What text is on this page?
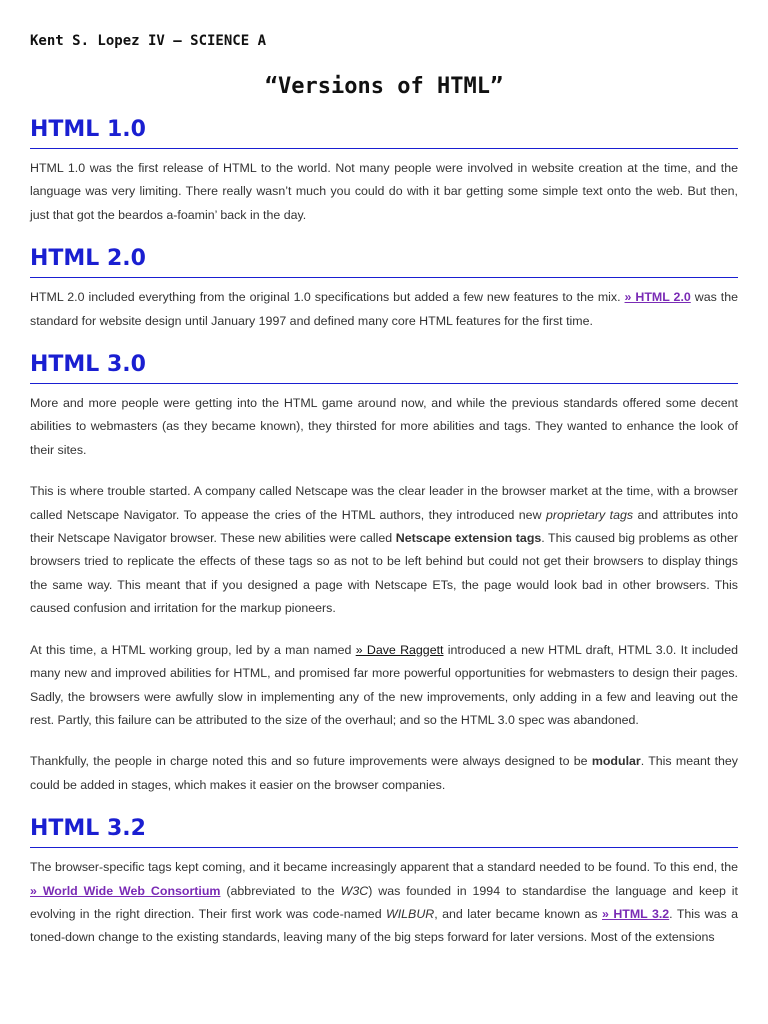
Kent S. Lopez IV – SCIENCE A
“Versions of HTML”
HTML 1.0

HTML 1.0 was the first release of HTML to the world. Not many people were involved in website creation at the time, and the language was very limiting. There really wasn’t much you could do with it bar getting some simple text onto the web. But then, just that got the beardos a-foamin’ back in the day.

HTML 2.0

HTML 2.0 included everything from the original 1.0 specifications but added a few new features to the mix. » HTML 2.0 was the standard for website design until January 1997 and defined many core HTML features for the first time.

HTML 3.0

More and more people were getting into the HTML game around now, and while the previous standards offered some decent abilities to webmasters (as they became known), they thirsted for more abilities and tags. They wanted to enhance the look of their sites.

This is where trouble started. A company called Netscape was the clear leader in the browser market at the time, with a browser called Netscape Navigator. To appease the cries of the HTML authors, they introduced new proprietary tags and attributes into their Netscape Navigator browser. These new abilities were called Netscape extension tags. This caused big problems as other browsers tried to replicate the effects of these tags so as not to be left behind but could not get their browsers to display things the same way. This meant that if you designed a page with Netscape ETs, the page would look bad in other browsers. This caused confusion and irritation for the markup pioneers.

At this time, a HTML working group, led by a man named » Dave Raggett introduced a new HTML draft, HTML 3.0. It included many new and improved abilities for HTML, and promised far more powerful opportunities for webmasters to design their pages. Sadly, the browsers were awfully slow in implementing any of the new improvements, only adding in a few and leaving out the rest. Partly, this failure can be attributed to the size of the overhaul; and so the HTML 3.0 spec was abandoned.

Thankfully, the people in charge noted this and so future improvements were always designed to be modular. This meant they could be added in stages, which makes it easier on the browser companies.

HTML 3.2

The browser-specific tags kept coming, and it became increasingly apparent that a standard needed to be found. To this end, the » World Wide Web Consortium (abbreviated to the W3C) was founded in 1994 to standardise the language and keep it evolving in the right direction. Their first work was code-named WILBUR, and later became known as » HTML 3.2. This was a toned-down change to the existing standards, leaving many of the big steps forward for later versions. Most of the extensions
